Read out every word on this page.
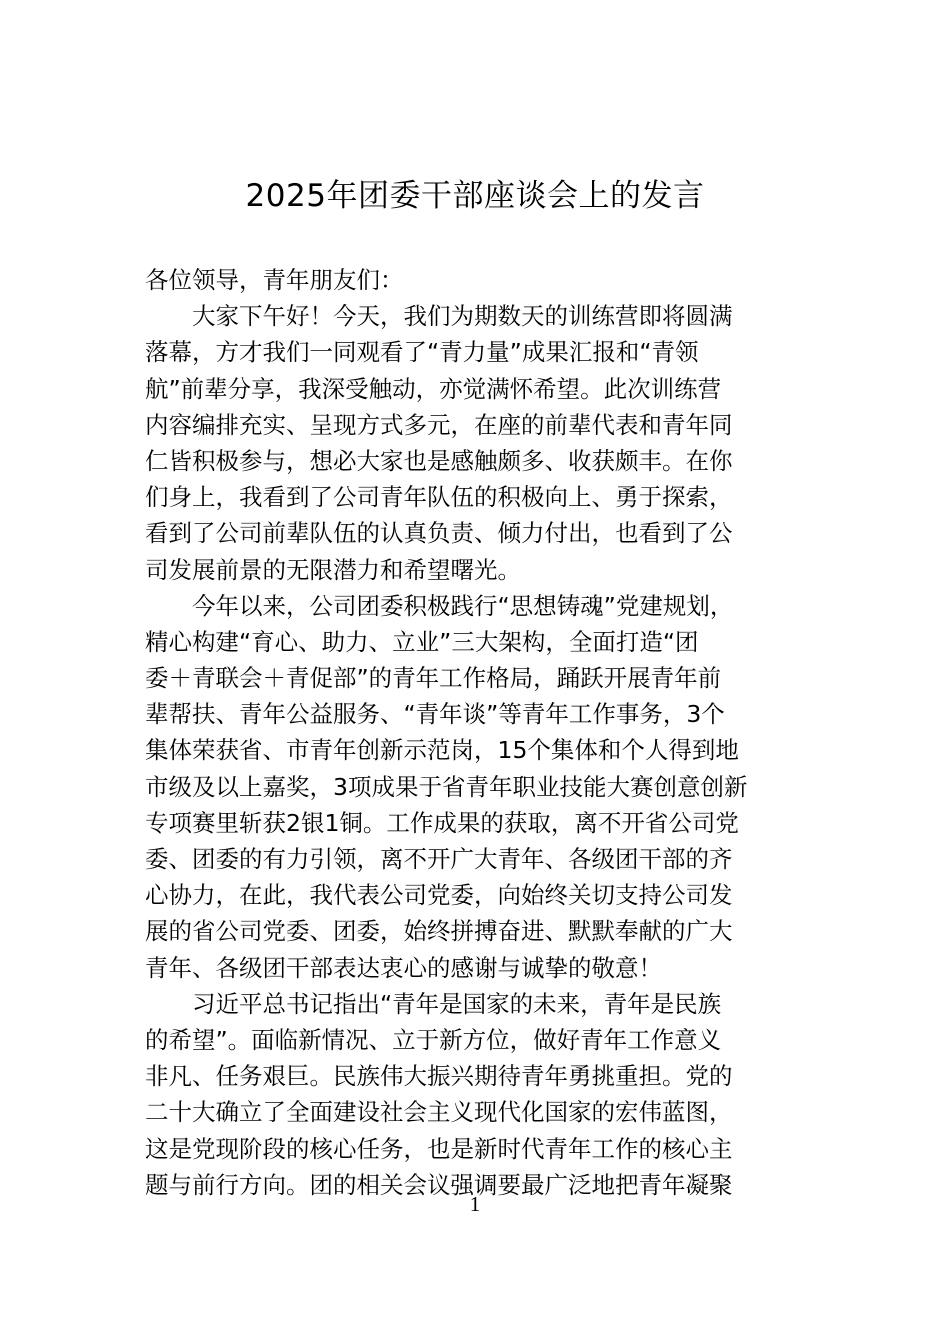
2025年团委干部座谈会上的发言
各位领导，青年朋友们：
大家下午好！今天，我们为期数天的训练营即将圆满
落幕，方才我们一同观看了“青力量”成果汇报和“青领
航”前辈分享，我深受触动，亦觉满怀希望。此次训练营
内容编排充实、呈现方式多元，在座的前辈代表和青年同
仁皆积极参与，想必大家也是感触颇多、收获颇丰。在你
们身上，我看到了公司青年队伍的积极向上、勇于探索，
看到了公司前辈队伍的认真负责、倾力付出，也看到了公
司发展前景的无限潜力和希望曙光。
今年以来，公司团委积极践行“思想铸魂”党建规划，
精心构建“育心、助力、立业”三大架构，全面打造“团
委＋青联会＋青促部”的青年工作格局，踊跃开展青年前
辈帮扶、青年公益服务、“青年谈”等青年工作事务，3个
集体荣获省、市青年创新示范岗，15个集体和个人得到地
市级及以上嘉奖，3项成果于省青年职业技能大赛创意创新
专项赛里斩获2银1铜。工作成果的获取，离不开省公司党
委、团委的有力引领，离不开广大青年、各级团干部的齐
心协力，在此，我代表公司党委，向始终关切支持公司发
展的省公司党委、团委，始终拼搏奋进、默默奉献的广大
青年、各级团干部表达衷心的感谢与诚挚的敬意！
习近平总书记指出“青年是国家的未来，青年是民族
的希望”。面临新情况、立于新方位，做好青年工作意义
非凡、任务艰巨。民族伟大振兴期待青年勇挑重担。党的
二十大确立了全面建设社会主义现代化国家的宏伟蓝图，
这是党现阶段的核心任务，也是新时代青年工作的核心主
题与前行方向。团的相关会议强调要最广泛地把青年凝聚
1
